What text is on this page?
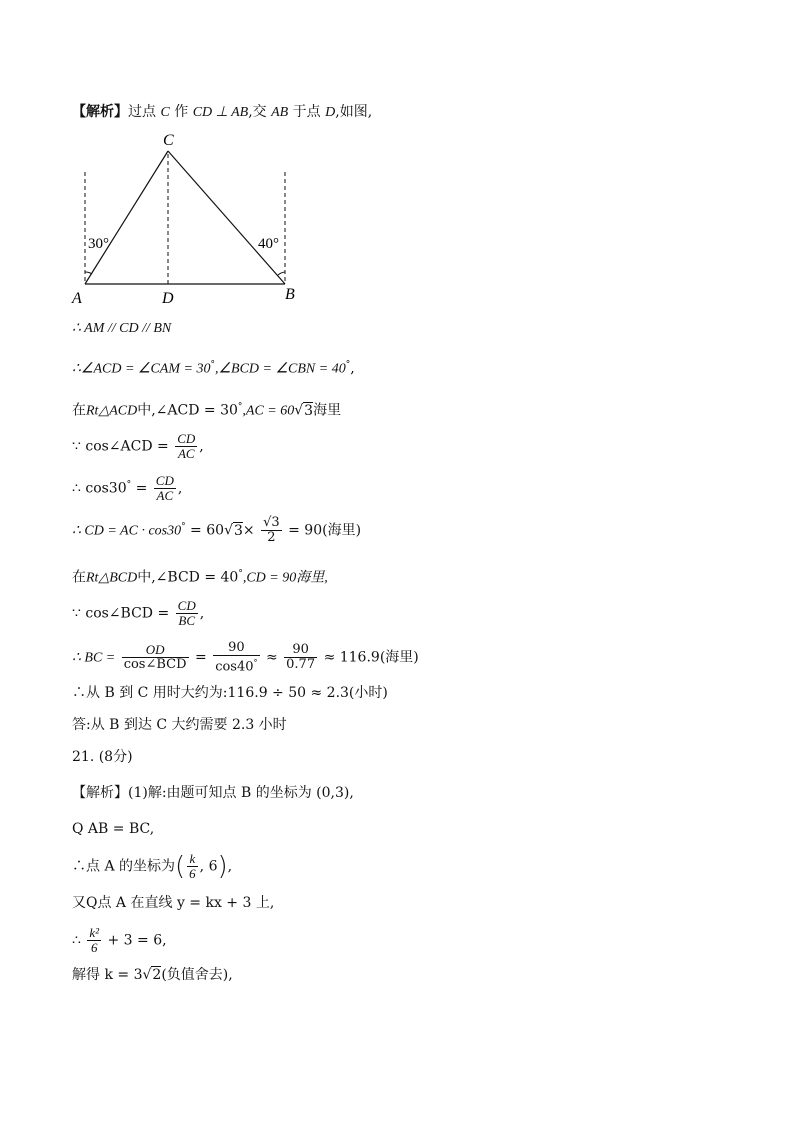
【解析】过点 C 作 CD ⊥ AB,交 AB 于点 D,如图,
C
A	D	B
30°	40°
∴ AM // CD // BN
∴∠ACD = ∠CAM = 30°,∠BCD = ∠CBN = 40°,
在Rt△ACD中,∠ACD = 30°,AC = 60√3海里
∵ cos∠ACD = $\frac{CD}{AC}$ ,
∴ $\cos 30^\circ = \frac{CD}{AC}$ ,
∴ CD = AC · $\cos 30^\circ = 60√3\times \frac{√3}{2} = 90$(海里)
在Rt△BCD中,∠BCD = 40°,CD = 90海里,
∵ cos∠BCD = $\frac{CD}{BC}$ ,
∴ BC = $\frac{OD}{\text{cos∠BCD}} = \frac{90}{\cos 40^\circ} \approx \frac{90}{0.77} \approx 116.9$(海里)
∴从 B 到 C 用时大约为:116.9 ÷ 50 ≈ 2.3(小时)
答:从 B 到达 C 大约需要 2.3 小时
21. (8分)
【解析】(1)解:由题可知点 B 的坐标为 (0,3),
Q AB = BC,
∴点 A 的坐标为( $\frac{k}{6}$ , 6),
又Q点 A 在直线 y = kx + 3 上,
∴ $\frac{\text{k²}}{6} + 3 = 6$,
解得 k = 3√2(负值舍去),
